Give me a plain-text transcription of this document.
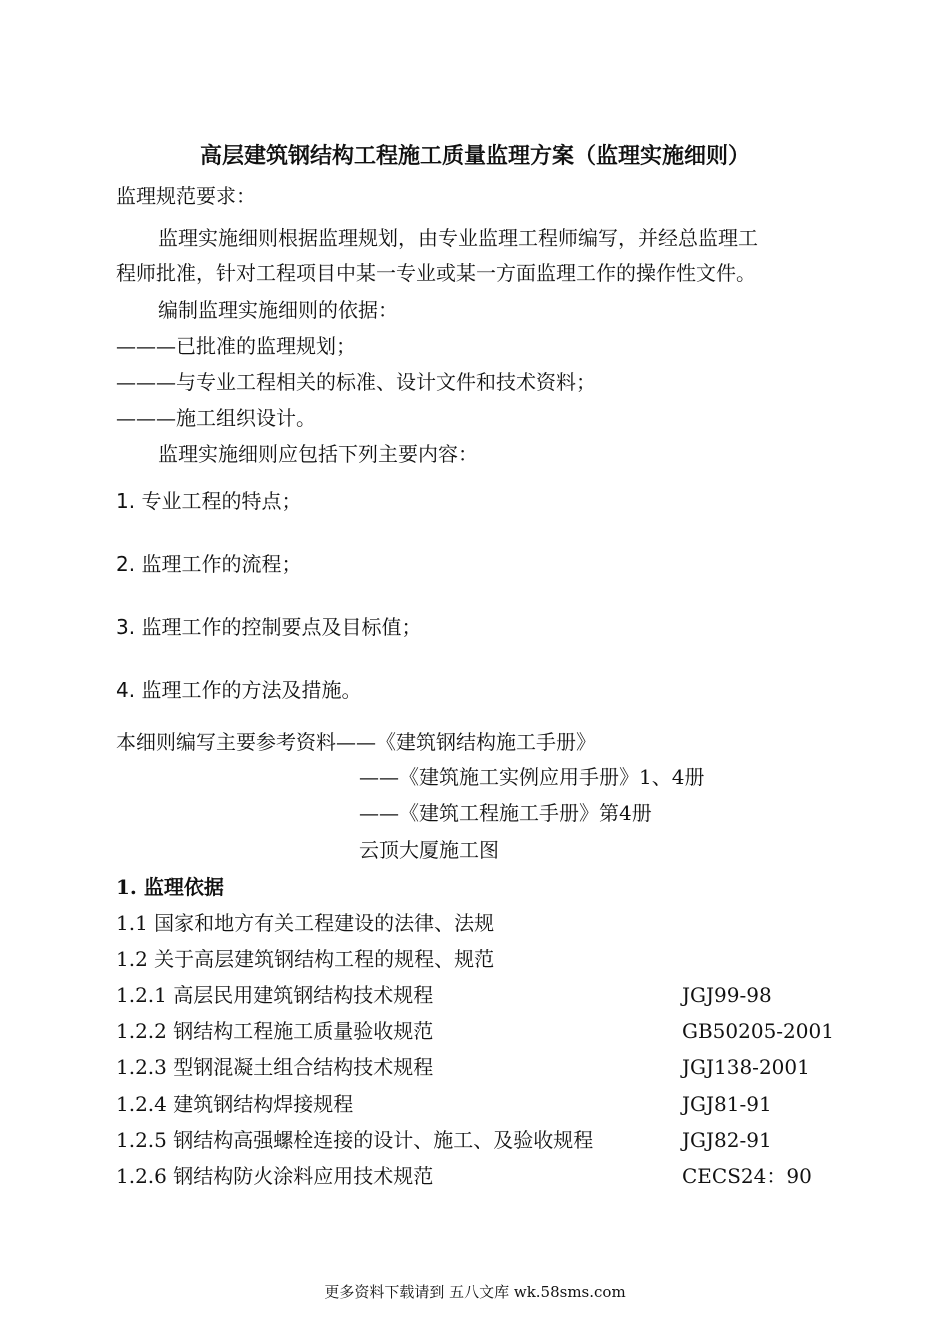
高层建筑钢结构工程施工质量监理方案（监理实施细则）
监理规范要求：
监理实施细则根据监理规划，由专业监理工程师编写，并经总监理工
程师批准，针对工程项目中某一专业或某一方面监理工作的操作性文件。
编制监理实施细则的依据：
———已批准的监理规划；
———与专业工程相关的标准、设计文件和技术资料；
———施工组织设计。
监理实施细则应包括下列主要内容：
1. 专业工程的特点；
2. 监理工作的流程；
3. 监理工作的控制要点及目标值；
4. 监理工作的方法及措施。
本细则编写主要参考资料——《建筑钢结构施工手册》
——《建筑施工实例应用手册》1、4册
——《建筑工程施工手册》第4册
云顶大厦施工图
1. 监理依据
1.1 国家和地方有关工程建设的法律、法规
1.2 关于高层建筑钢结构工程的规程、规范
1.2.1 高层民用建筑钢结构技术规程	JGJ99-98
1.2.2 钢结构工程施工质量验收规范	GB50205-2001
1.2.3 型钢混凝土组合结构技术规程	JGJ138-2001
1.2.4 建筑钢结构焊接规程	JGJ81-91
1.2.5 钢结构高强螺栓连接的设计、施工、及验收规程	JGJ82-91
1.2.6 钢结构防火涂料应用技术规范	CECS24：90
更多资料下载请到 五八文库 wk.58sms.com
